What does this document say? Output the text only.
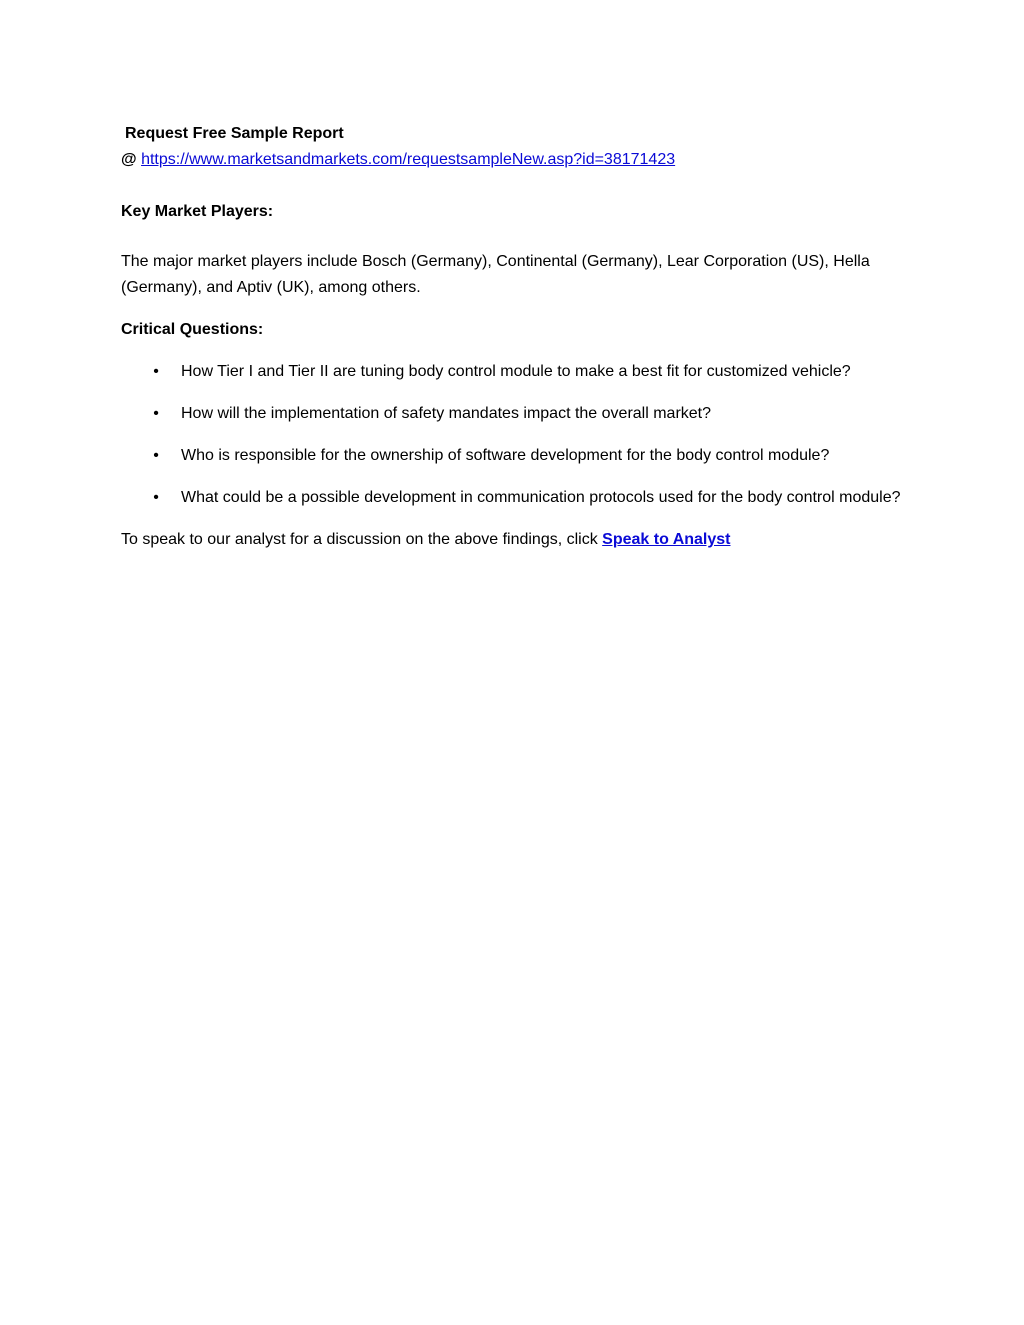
Request Free Sample Report
@ https://www.marketsandmarkets.com/requestsampleNew.asp?id=38171423
Key Market Players:
The major market players include Bosch (Germany), Continental (Germany), Lear Corporation (US), Hella (Germany), and Aptiv (UK), among others.
Critical Questions:
• How Tier I and Tier II are tuning body control module to make a best fit for customized vehicle?
• How will the implementation of safety mandates impact the overall market?
• Who is responsible for the ownership of software development for the body control module?
• What could be a possible development in communication protocols used for the body control module?
To speak to our analyst for a discussion on the above findings, click Speak to Analyst
